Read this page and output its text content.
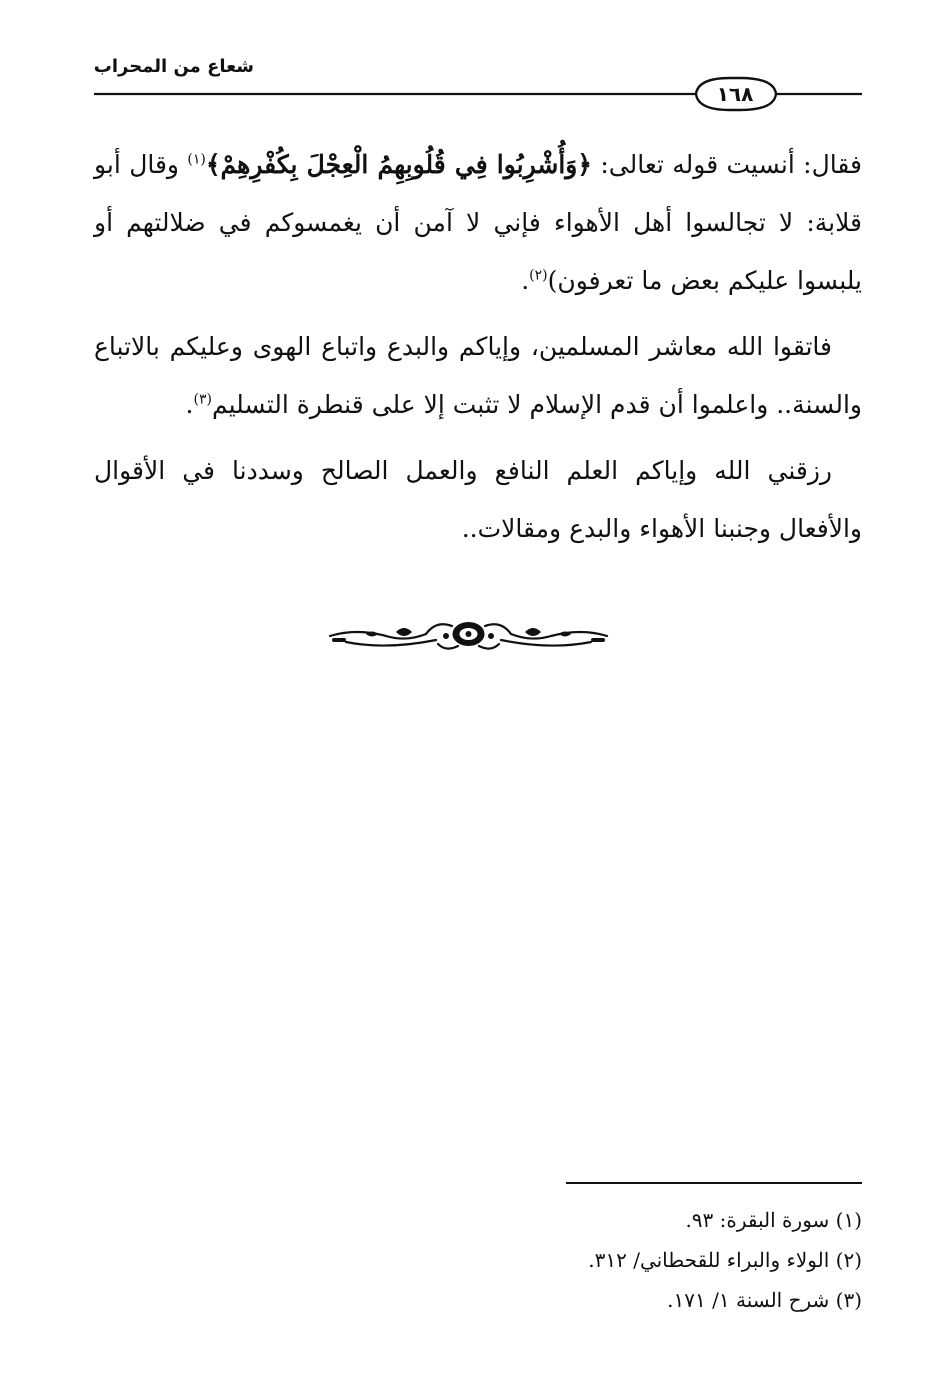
شعاع من المحراب
١٦٨

فقال: أنسيت قوله تعالى: ﴿وَأُشْرِبُوا فِي قُلُوبِهِمُ الْعِجْلَ بِكُفْرِهِمْ﴾$^{(١)}$ وقال أبو قلابة: لا تجالسوا أهل الأهواء فإني لا آمن أن يغمسوكم في ضلالتهم أو يلبسوا عليكم بعض ما تعرفون)$^{(٢)}$.

فاتقوا الله معاشر المسلمين، وإياكم والبدع واتباع الهوى وعليكم بالاتباع والسنة.. واعلموا أن قدم الإسلام لا تثبت إلا على قنطرة التسليم$^{(٣)}$.

رزقني الله وإياكم العلم النافع والعمل الصالح وسددنا في الأقوال والأفعال وجنبنا الأهواء والبدع ومقالات..

(١) سورة البقرة: ٩٣.
(٢) الولاء والبراء للقحطاني/ ٣١٢.
(٣) شرح السنة ١/ ١٧١.
